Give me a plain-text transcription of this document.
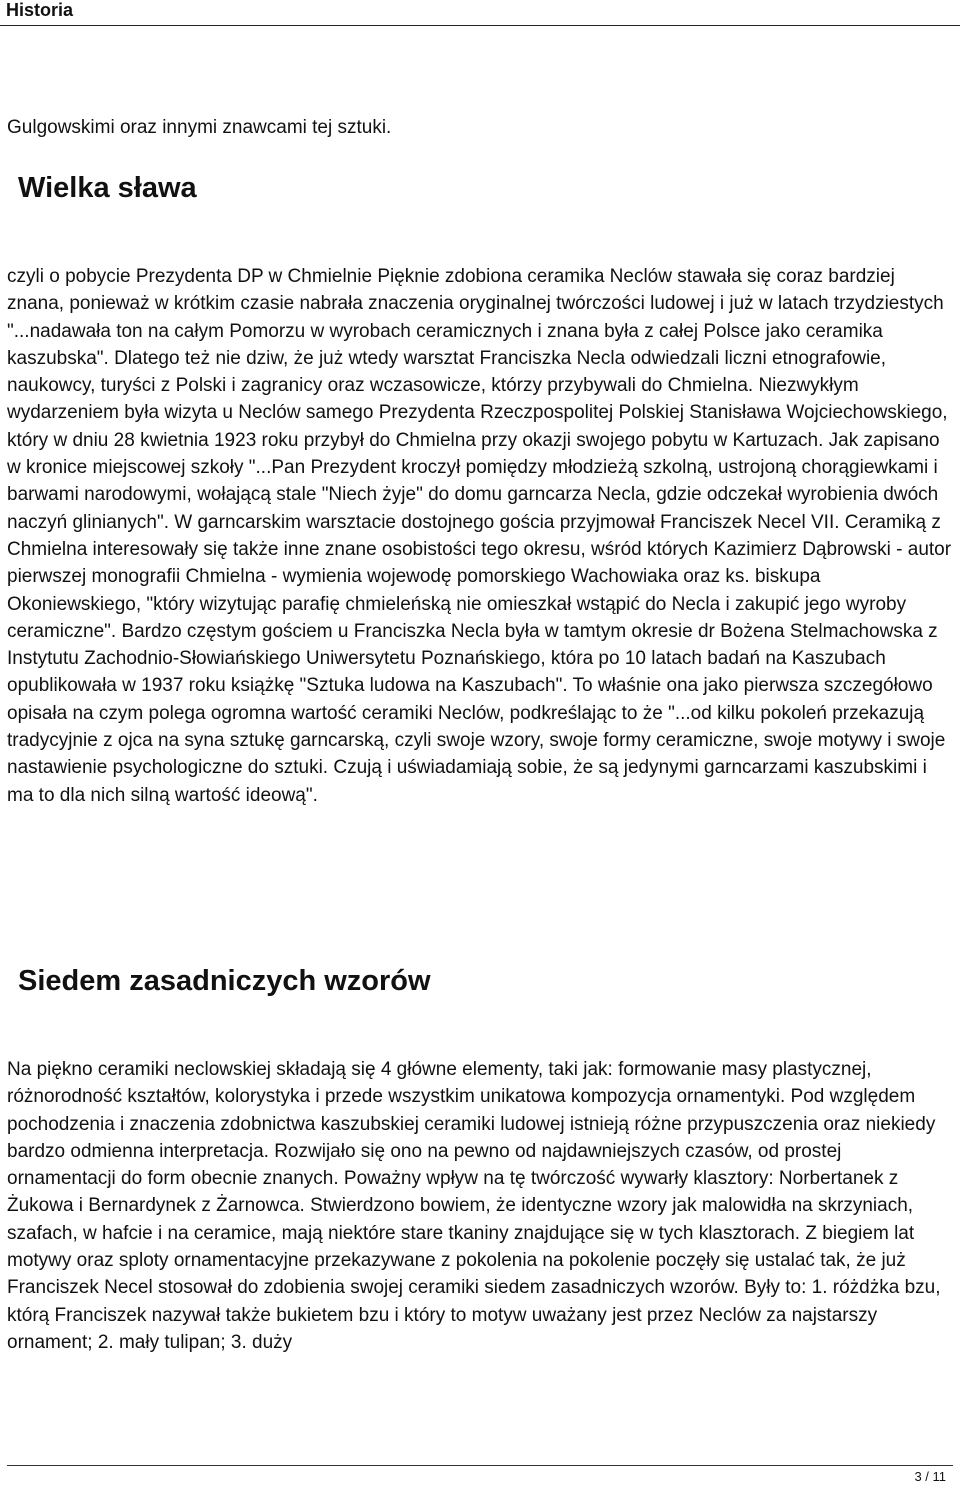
Historia
Gulgowskimi oraz innymi znawcami tej sztuki.
Wielka sława

czyli o pobycie Prezydenta DP w Chmielnie Pięknie zdobiona ceramika Neclów stawała się coraz bardziej znana, ponieważ w krótkim czasie nabrała znaczenia oryginalnej twórczości ludowej i już w latach trzydziestych "...nadawała ton na całym Pomorzu w wyrobach ceramicznych i znana była z całej Polsce jako ceramika kaszubska". Dlatego też nie dziw, że już wtedy warsztat Franciszka Necla odwiedzali liczni etnografowie, naukowcy, turyści z Polski i zagranicy oraz wczasowicze, którzy przybywali do Chmielna. Niezwykłym wydarzeniem była wizyta u Neclów samego Prezydenta Rzeczpospolitej Polskiej Stanisława Wojciechowskiego, który w dniu 28 kwietnia 1923 roku przybył do Chmielna przy okazji swojego pobytu w Kartuzach. Jak zapisano w kronice miejscowej szkoły "...Pan Prezydent kroczył pomiędzy młodzieżą szkolną, ustrojoną chorągiewkami i barwami narodowymi, wołającą stale "Niech żyje" do domu garncarza Necla, gdzie odczekał wyrobienia dwóch naczyń glinianych". W garncarskim warsztacie dostojnego gościa przyjmował Franciszek Necel VII. Ceramiką z Chmielna interesowały się także inne znane osobistości tego okresu, wśród których Kazimierz Dąbrowski - autor pierwszej monografii Chmielna - wymienia wojewodę pomorskiego Wachowiaka oraz ks. biskupa Okoniewskiego, "który wizytując parafię chmieleńską nie omieszkał wstąpić do Necla i zakupić jego wyroby ceramiczne". Bardzo częstym gościem u Franciszka Necla była w tamtym okresie dr Bożena Stelmachowska z Instytutu Zachodnio-Słowiańskiego Uniwersytetu Poznańskiego, która po 10 latach badań na Kaszubach opublikowała w 1937 roku książkę "Sztuka ludowa na Kaszubach". To właśnie ona jako pierwsza szczegółowo opisała na czym polega ogromna wartość ceramiki Neclów, podkreślając to że "...od kilku pokoleń przekazują tradycyjnie z ojca na syna sztukę garncarską, czyli swoje wzory, swoje formy ceramiczne, swoje motywy i swoje nastawienie psychologiczne do sztuki. Czują i uświadamiają sobie, że są jedynymi garncarzami kaszubskimi i ma to dla nich silną wartość ideową".

Siedem zasadniczych wzorów

Na piękno ceramiki neclowskiej składają się 4 główne elementy, taki jak: formowanie masy plastycznej, różnorodność kształtów, kolorystyka i przede wszystkim unikatowa kompozycja ornamentyki. Pod względem pochodzenia i znaczenia zdobnictwa kaszubskiej ceramiki ludowej istnieją różne przypuszczenia oraz niekiedy bardzo odmienna interpretacja. Rozwijało się ono na pewno od najdawniejszych czasów, od prostej ornamentacji do form obecnie znanych. Poważny wpływ na tę twórczość wywarły klasztory: Norbertanek z Żukowa i Bernardynek z Żarnowca. Stwierdzono bowiem, że identyczne wzory jak malowidła na skrzyniach, szafach, w hafcie i na ceramice, mają niektóre stare tkaniny znajdujące się w tych klasztorach. Z biegiem lat motywy oraz sploty ornamentacyjne przekazywane z pokolenia na pokolenie poczęły się ustalać tak, że już Franciszek Necel stosował do zdobienia swojej ceramiki siedem zasadniczych wzorów. Były to: 1. różdżka bzu, którą Franciszek nazywał także bukietem bzu i który to motyw uważany jest przez Neclów za najstarszy ornament; 2. mały tulipan; 3. duży

3 / 11
